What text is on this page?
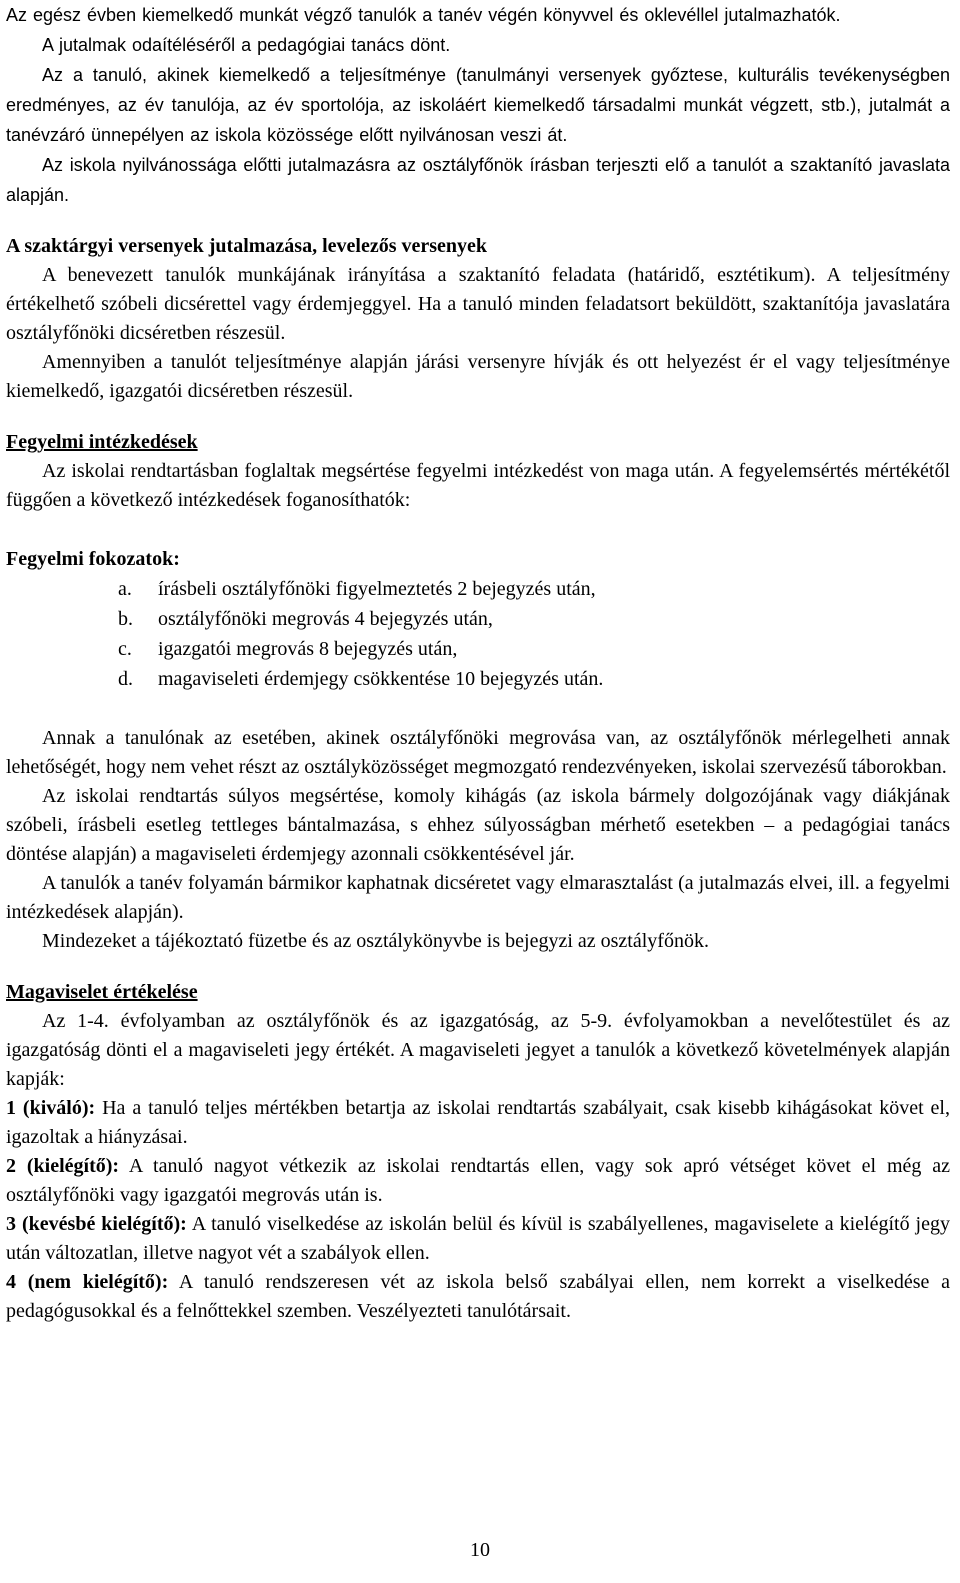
Az egész évben kiemelkedő munkát végző tanulók a tanév végén könyvvel és oklevéllel jutalmazhatók.

A jutalmak odaítéléséről a pedagógiai tanács dönt.

Az a tanuló, akinek kiemelkedő a teljesítménye (tanulmányi versenyek győztese, kulturális tevékenységben eredményes, az év tanulója, az év sportolója, az iskoláért kiemelkedő társadalmi munkát végzett, stb.), jutalmát a tanévzáró ünnepélyen az iskola közössége előtt nyilvánosan veszi át.

Az iskola nyilvánossága előtti jutalmazásra az osztályfőnök írásban terjeszti elő a tanulót a szaktanító javaslata alapján.

A szaktárgyi versenyek jutalmazása, levelezős versenyek

A benevezett tanulók munkájának irányítása a szaktanító feladata (határidő, esztétikum). A teljesítmény értékelhető szóbeli dicsérettel vagy érdemjeggyel. Ha a tanuló minden feladatsort beküldött, szaktanítója javaslatára osztályfőnöki dicséretben részesül.

Amennyiben a tanulót teljesítménye alapján járási versenyre hívják és ott helyezést ér el vagy teljesítménye kiemelkedő, igazgatói dicséretben részesül.

Fegyelmi intézkedések

Az iskolai rendtartásban foglaltak megsértése fegyelmi intézkedést von maga után. A fegyelemsértés mértékétől függően a következő intézkedések foganosíthatók:

Fegyelmi fokozatok:
a.	írásbeli osztályfőnöki figyelmeztetés 2 bejegyzés után,
b.	osztályfőnöki megrovás 4 bejegyzés után,
c.	igazgatói megrovás 8 bejegyzés után,
d.	magaviseleti érdemjegy csökkentése 10 bejegyzés után.

Annak a tanulónak az esetében, akinek osztályfőnöki megrovása van, az osztályfőnök mérlegelheti annak lehetőségét, hogy nem vehet részt az osztályközösséget megmozgató rendezvényeken, iskolai szervezésű táborokban.

Az iskolai rendtartás súlyos megsértése, komoly kihágás (az iskola bármely dolgozójának vagy diákjának szóbeli, írásbeli esetleg tettleges bántalmazása, s ehhez súlyosságban mérhető esetekben – a pedagógiai tanács döntése alapján) a magaviseleti érdemjegy azonnali csökkentésével jár.

A tanulók a tanév folyamán bármikor kaphatnak dicséretet vagy elmarasztalást (a jutalmazás elvei, ill. a fegyelmi intézkedések alapján).

Mindezeket a tájékoztató füzetbe és az osztálykönyvbe is bejegyzi az osztályfőnök.

Magaviselet értékelése

Az 1-4. évfolyamban az osztályfőnök és az igazgatóság, az 5-9. évfolyamokban a nevelőtestület és az igazgatóság dönti el a magaviseleti jegy értékét. A magaviseleti jegyet a tanulók a következő követelmények alapján kapják:

1 (kiváló): Ha a tanuló teljes mértékben betartja az iskolai rendtartás szabályait, csak kisebb kihágásokat követ el, igazoltak a hiányzásai.

2 (kielégítő): A tanuló nagyot vétkezik az iskolai rendtartás ellen, vagy sok apró vétséget követ el még az osztályfőnöki vagy igazgatói megrovás után is.

3 (kevésbé kielégítő): A tanuló viselkedése az iskolán belül és kívül is szabályellenes, magaviselete a kielégítő jegy után változatlan, illetve nagyot vét a szabályok ellen.

4 (nem kielégítő): A tanuló rendszeresen vét az iskola belső szabályai ellen, nem korrekt a viselkedése a pedagógusokkal és a felnőttekkel szemben. Veszélyezteti tanulótársait.

10
